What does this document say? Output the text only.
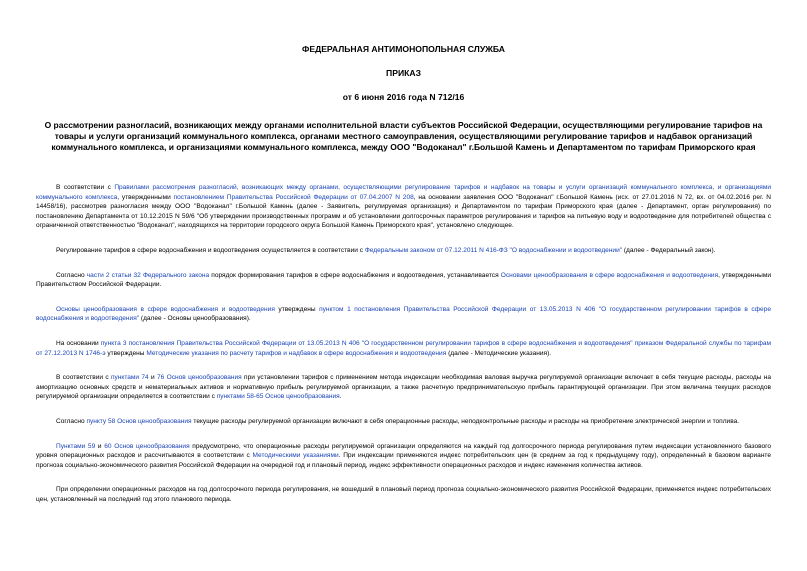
ФЕДЕРАЛЬНАЯ АНТИМОНОПОЛЬНАЯ СЛУЖБА
ПРИКАЗ
от 6 июня 2016 года N 712/16
О рассмотрении разногласий, возникающих между органами исполнительной власти субъектов Российской Федерации, осуществляющими регулирование тарифов на товары и услуги организаций коммунального комплекса, органами местного самоуправления, осуществляющими регулирование тарифов и надбавок организаций коммунального комплекса, и организациями коммунального комплекса, между ООО "Водоканал" г.Большой Камень и Департаментом по тарифам Приморского края

В соответствии с Правилами рассмотрения разногласий, возникающих между органами, осуществляющими регулирование тарифов и надбавок на товары и услуги организаций коммунального комплекса, и организациями коммунального комплекса, утвержденными постановлением Правительства Российской Федерации от 07.04.2007 N 208, на основании заявления ООО "Водоканал" г.Большой Камень (исх. от 27.01.2016 N 72, вх. от 04.02.2016 рег. N 14458/16), рассмотрев разногласия между ООО "Водоканал" г.Большой Камень (далее - Заявитель, регулируемая организация) и Департаментом по тарифам Приморского края (далее - Департамент, орган регулирования) по постановлению Департамента от 10.12.2015 N 59/6 "Об утверждении производственных программ и об установлении долгосрочных параметров регулирования и тарифов на питьевую воду и водоотведение для потребителей общества с ограниченной ответственностью "Водоканал", находящихся на территории городского округа Большой Камень Приморского края", установлено следующее.

Регулирование тарифов в сфере водоснабжения и водоотведения осуществляется в соответствии с Федеральным законом от 07.12.2011 N 416-ФЗ "О водоснабжении и водоотведении" (далее - Федеральный закон).

Согласно части 2 статьи 32 Федерального закона порядок формирования тарифов в сфере водоснабжения и водоотведения, устанавливается Основами ценообразования в сфере водоснабжения и водоотведения, утвержденными Правительством Российской Федерации.

Основы ценообразования в сфере водоснабжения и водоотведения утверждены пунктом 1 постановления Правительства Российской Федерации от 13.05.2013 N 406 "О государственном регулировании тарифов в сфере водоснабжения и водоотведения" (далее - Основы ценообразования).

На основании пункта 3 постановления Правительства Российской Федерации от 13.05.2013 N 406 "О государственном регулировании тарифов в сфере водоснабжения и водоотведения" приказом Федеральной службы по тарифам от 27.12.2013 N 1746-э утверждены Методические указания по расчету тарифов и надбавок в сфере водоснабжения и водоотведения (далее - Методические указания).

В соответствии с пунктами 74 и 76 Основ ценообразования при установлении тарифов с применением метода индексации необходимая валовая выручка регулируемой организации включает в себя текущие расходы, расходы на амортизацию основных средств и нематериальных активов и нормативную прибыль регулируемой организации, а также расчетную предпринимательскую прибыль гарантирующей организации. При этом величина текущих расходов регулируемой организации определяется в соответствии с пунктами 58-65 Основ ценообразования.

Согласно пункту 58 Основ ценообразования текущие расходы регулируемой организации включают в себя операционные расходы, неподконтрольные расходы и расходы на приобретение электрической энергии и топлива.

Пунктами 59 и 60 Основ ценообразования предусмотрено, что операционные расходы регулируемой организации определяются на каждый год долгосрочного периода регулирования путем индексации установленного базового уровня операционных расходов и рассчитываются в соответствии с Методическими указаниями. При индексации применяются индекс потребительских цен (в среднем за год к предыдущему году), определенный в базовом варианте прогноза социально-экономического развития Российской Федерации на очередной год и плановый период, индекс эффективности операционных расходов и индекс изменения количества активов.

При определении операционных расходов на год долгосрочного периода регулирования, не вошедший в плановый период прогноза социально-экономического развития Российской Федерации, применяется индекс потребительских цен, установленный на последний год этого планового периода.
